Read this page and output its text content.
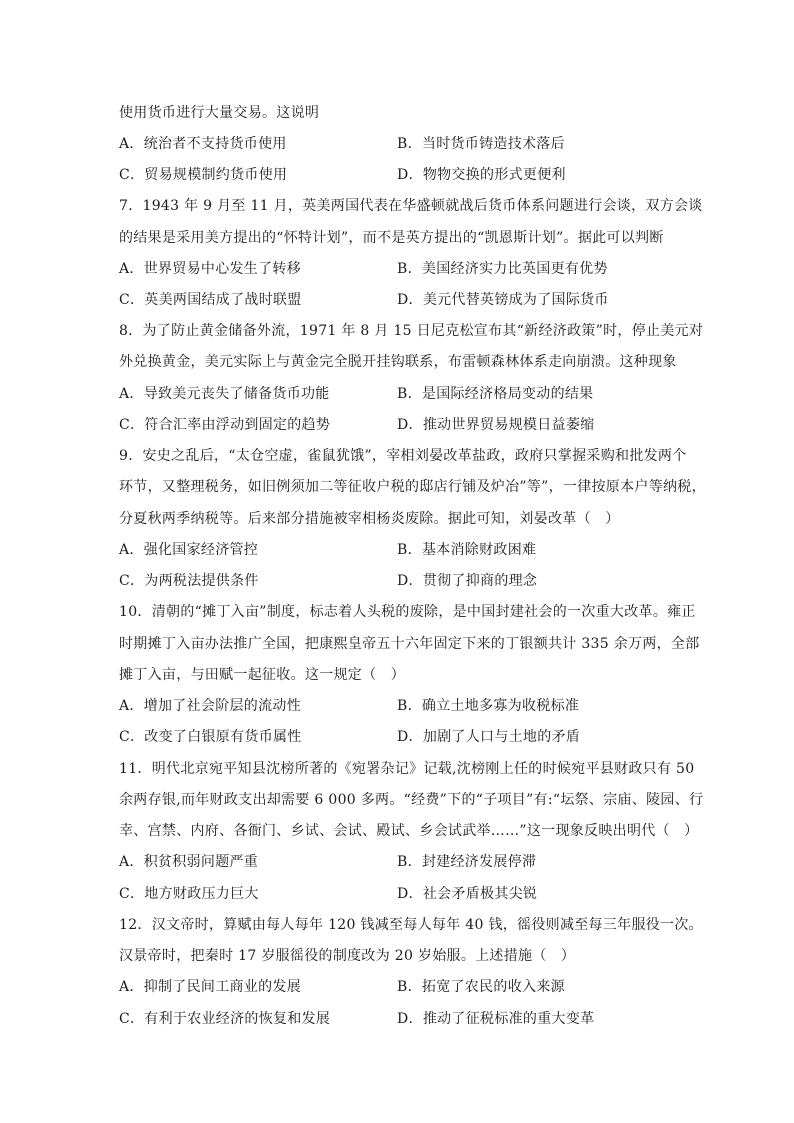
使用货币进行大量交易。这说明
A．统治者不支持货币使用	B．当时货币铸造技术落后
C．贸易规模制约货币使用	D．物物交换的形式更便利
7．1943 年 9 月至 11 月，英美两国代表在华盛顿就战后货币体系问题进行会谈，双方会谈
的结果是采用美方提出的“怀特计划”，而不是英方提出的“凯恩斯计划”。据此可以判断
A．世界贸易中心发生了转移	B．美国经济实力比英国更有优势
C．英美两国结成了战时联盟	D．美元代替英镑成为了国际货币
8．为了防止黄金储备外流，1971 年 8 月 15 日尼克松宣布其“新经济政策”时，停止美元对
外兑换黄金，美元实际上与黄金完全脱开挂钩联系，布雷顿森林体系走向崩溃。这种现象
A．导致美元丧失了储备货币功能	B．是国际经济格局变动的结果
C．符合汇率由浮动到固定的趋势	D．推动世界贸易规模日益萎缩
9．安史之乱后，“太仓空虚，雀鼠犹饿”，宰相刘晏改革盐政，政府只掌握采购和批发两个
环节，又整理税务，如旧例须加二等征收户税的邸店行铺及炉冶”等”，一律按原本户等纳税，
分夏秋两季纳税等。后来部分措施被宰相杨炎废除。据此可知，刘晏改革（　）
A．强化国家经济管控	B．基本消除财政困难
C．为两税法提供条件	D．贯彻了抑商的理念
10．清朝的“摊丁入亩”制度，标志着人头税的废除，是中国封建社会的一次重大改革。雍正
时期摊丁入亩办法推广全国，把康熙皇帝五十六年固定下来的丁银额共计 335 余万两，全部
摊丁入亩，与田赋一起征收。这一规定（　）
A．增加了社会阶层的流动性	B．确立土地多寡为收税标准
C．改变了白银原有货币属性	D．加剧了人口与土地的矛盾
11．明代北京宛平知县沈榜所著的《宛署杂记》记载,沈榜刚上任的时候宛平县财政只有 50
余两存银,而年财政支出却需要 6 000 多两。“经费”下的“子项目”有:“坛祭、宗庙、陵园、行
幸、宫禁、内府、各衙门、乡试、会试、殿试、乡会试武举……”这一现象反映出明代（　）
A．积贫积弱问题严重	B．封建经济发展停滞
C．地方财政压力巨大	D．社会矛盾极其尖锐
12．汉文帝时，算赋由每人每年 120 钱减至每人每年 40 钱，徭役则减至每三年服役一次。
汉景帝时，把秦时 17 岁服徭役的制度改为 20 岁始服。上述措施（　）
A．抑制了民间工商业的发展	B．拓宽了农民的收入来源
C．有利于农业经济的恢复和发展	D．推动了征税标准的重大变革
